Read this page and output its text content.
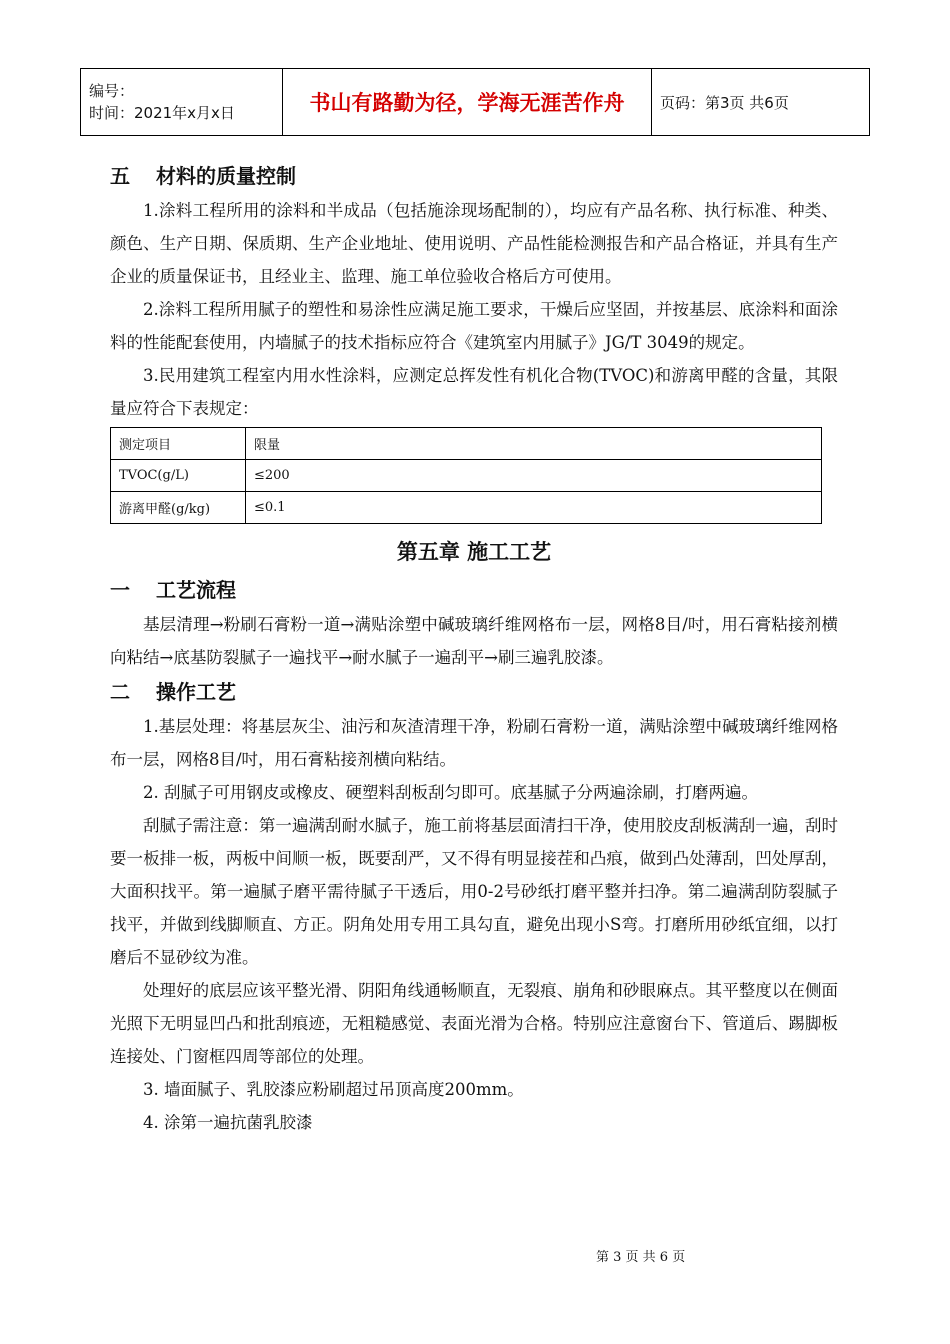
编号：
时间：2021年x月x日	书山有路勤为径，学海无涯苦作舟	页码：第3页 共6页
五 材料的质量控制

1.涂料工程所用的涂料和半成品（包括施涂现场配制的），均应有产品名称、执行标准、种类、颜色、生产日期、保质期、生产企业地址、使用说明、产品性能检测报告和产品合格证，并具有生产企业的质量保证书，且经业主、监理、施工单位验收合格后方可使用。

2.涂料工程所用腻子的塑性和易涂性应满足施工要求，干燥后应坚固，并按基层、底涂料和面涂料的性能配套使用，内墙腻子的技术指标应符合《建筑室内用腻子》JG/T 3049的规定。

3.民用建筑工程室内用水性涂料，应测定总挥发性有机化合物(TVOC)和游离甲醛的含量，其限量应符合下表规定：

测定项目	限量
TVOC(g/L)	≤200
游离甲醛(g/kg)	≤0.1
第五章 施工工艺
一 工艺流程

基层清理→粉刷石膏粉一道→满贴涂塑中碱玻璃纤维网格布一层，网格8目/吋，用石膏粘接剂横向粘结→底基防裂腻子一遍找平→耐水腻子一遍刮平→刷三遍乳胶漆。

二 操作工艺

1.基层处理：将基层灰尘、油污和灰渣清理干净，粉刷石膏粉一道，满贴涂塑中碱玻璃纤维网格布一层，网格8目/吋，用石膏粘接剂横向粘结。

2. 刮腻子可用钢皮或橡皮、硬塑料刮板刮匀即可。底基腻子分两遍涂刷，打磨两遍。

刮腻子需注意：第一遍满刮耐水腻子，施工前将基层面清扫干净，使用胶皮刮板满刮一遍，刮时要一板排一板，两板中间顺一板，既要刮严，又不得有明显接茬和凸痕，做到凸处薄刮，凹处厚刮，大面积找平。第一遍腻子磨平需待腻子干透后，用0-2号砂纸打磨平整并扫净。第二遍满刮防裂腻子找平，并做到线脚顺直、方正。阴角处用专用工具勾直，避免出现小S弯。打磨所用砂纸宜细，以打磨后不显砂纹为准。

处理好的底层应该平整光滑、阴阳角线通畅顺直，无裂痕、崩角和砂眼麻点。其平整度以在侧面光照下无明显凹凸和批刮痕迹，无粗糙感觉、表面光滑为合格。特别应注意窗台下、管道后、踢脚板连接处、门窗框四周等部位的处理。

3. 墙面腻子、乳胶漆应粉刷超过吊顶高度200mm。

4. 涂第一遍抗菌乳胶漆

第 3 页 共 6 页
